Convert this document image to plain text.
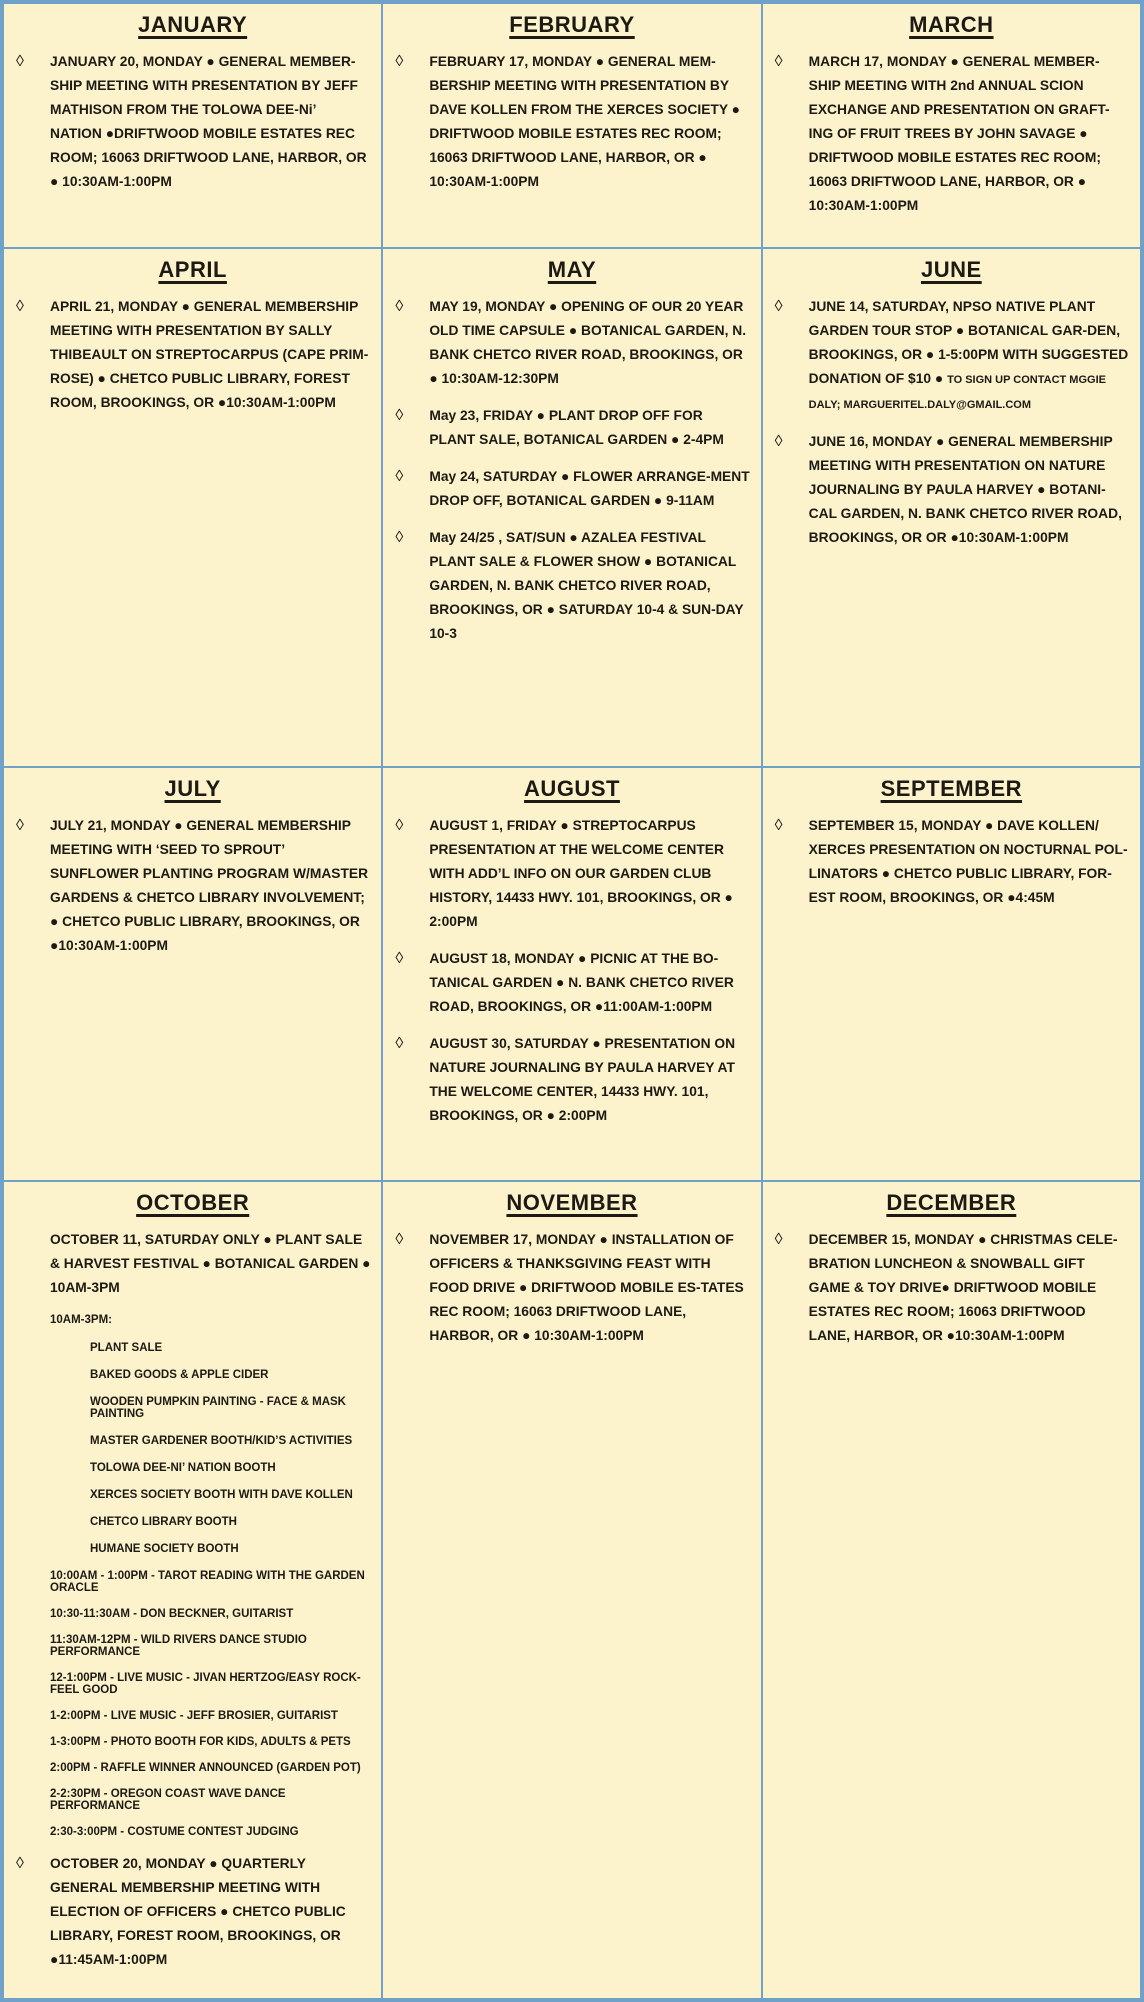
JANUARY
◊	JANUARY 20, MONDAY ● GENERAL MEMBER-SHIP MEETING WITH PRESENTATION BY JEFF MATHISON FROM THE TOLOWA DEE-Ni’ NATION ●DRIFTWOOD MOBILE ESTATES REC ROOM; 16063 DRIFTWOOD LANE, HARBOR, OR ● 10:30AM-1:00PM

FEBRUARY
◊	FEBRUARY 17, MONDAY ● GENERAL MEM-BERSHIP MEETING WITH PRESENTATION BY DAVE KOLLEN FROM THE XERCES SOCIETY ● DRIFTWOOD MOBILE ESTATES REC ROOM; 16063 DRIFTWOOD LANE, HARBOR, OR ● 10:30AM-1:00PM

MARCH
◊	MARCH 17, MONDAY ● GENERAL MEMBER-SHIP MEETING WITH 2nd ANNUAL SCION EXCHANGE AND PRESENTATION ON GRAFT-ING OF FRUIT TREES BY JOHN SAVAGE ● DRIFTWOOD MOBILE ESTATES REC ROOM; 16063 DRIFTWOOD LANE, HARBOR, OR ● 10:30AM-1:00PM

APRIL
◊	APRIL 21, MONDAY ● GENERAL MEMBERSHIP MEETING WITH PRESENTATION BY SALLY THIBEAULT ON STREPTOCARPUS (CAPE PRIM-ROSE) ● CHETCO PUBLIC LIBRARY, FOREST ROOM, BROOKINGS, OR ●10:30AM-1:00PM

MAY
◊	MAY 19, MONDAY ● OPENING OF OUR 20 YEAR OLD TIME CAPSULE ● BOTANICAL GARDEN, N. BANK CHETCO RIVER ROAD, BROOKINGS, OR ● 10:30AM-12:30PM

◊	May 23, FRIDAY ● PLANT DROP OFF FOR PLANT SALE, BOTANICAL GARDEN ● 2-4PM

◊	May 24, SATURDAY ● FLOWER ARRANGE-MENT DROP OFF, BOTANICAL GARDEN ● 9-11AM

◊	May 24/25 , SAT/SUN ● AZALEA FESTIVAL PLANT SALE & FLOWER SHOW ● BOTANICAL GARDEN, N. BANK CHETCO RIVER ROAD, BROOKINGS, OR ● SATURDAY 10-4 & SUN-DAY 10-3

JUNE
◊	JUNE 14, SATURDAY, NPSO NATIVE PLANT GARDEN TOUR STOP ● BOTANICAL GAR-DEN, BROOKINGS, OR ● 1-5:00PM WITH SUGGESTED DONATION OF $10 ● TO SIGN UP CONTACT MGGIE DALY; MARGUERITEL.DALY@GMAIL.COM

◊	JUNE 16, MONDAY ● GENERAL MEMBERSHIP MEETING WITH PRESENTATION ON NATURE JOURNALING BY PAULA HARVEY ● BOTANI-CAL GARDEN, N. BANK CHETCO RIVER ROAD, BROOKINGS, OR OR ●10:30AM-1:00PM

JULY
◊	JULY 21, MONDAY ● GENERAL MEMBERSHIP MEETING WITH ‘SEED TO SPROUT’ SUNFLOWER PLANTING PROGRAM W/MASTER GARDENS & CHETCO LIBRARY INVOLVEMENT; ● CHETCO PUBLIC LIBRARY, BROOKINGS, OR ●10:30AM-1:00PM

AUGUST
◊	AUGUST 1, FRIDAY ● STREPTOCARPUS PRESENTATION AT THE WELCOME CENTER WITH ADD’L INFO ON OUR GARDEN CLUB HISTORY, 14433 HWY. 101, BROOKINGS, OR ● 2:00PM

◊	AUGUST 18, MONDAY ● PICNIC AT THE BO-TANICAL GARDEN ● N. BANK CHETCO RIVER ROAD, BROOKINGS, OR ●11:00AM-1:00PM

◊	AUGUST 30, SATURDAY ● PRESENTATION ON NATURE JOURNALING BY PAULA HARVEY AT THE WELCOME CENTER, 14433 HWY. 101, BROOKINGS, OR ● 2:00PM

SEPTEMBER
◊	SEPTEMBER 15, MONDAY ● DAVE KOLLEN/ XERCES PRESENTATION ON NOCTURNAL POL-LINATORS ● CHETCO PUBLIC LIBRARY, FOR-EST ROOM, BROOKINGS, OR ●4:45M

OCTOBER

OCTOBER 11, SATURDAY ONLY ● PLANT SALE & HARVEST FESTIVAL ● BOTANICAL GARDEN ● 10AM-3PM

10AM-3PM:

PLANT SALE

BAKED GOODS & APPLE CIDER

WOODEN PUMPKIN PAINTING - FACE & MASK PAINTING

MASTER GARDENER BOOTH/KID’S ACTIVITIES

TOLOWA DEE-NI’ NATION BOOTH

XERCES SOCIETY BOOTH WITH DAVE KOLLEN

CHETCO LIBRARY BOOTH

HUMANE SOCIETY BOOTH

10:00AM - 1:00PM - TAROT READING WITH THE GARDEN ORACLE

10:30-11:30AM - DON BECKNER, GUITARIST

11:30AM-12PM - WILD RIVERS DANCE STUDIO PERFORMANCE

12-1:00PM - LIVE MUSIC - JIVAN HERTZOG/EASY ROCK-FEEL GOOD

1-2:00PM - LIVE MUSIC - JEFF BROSIER, GUITARIST

1-3:00PM - PHOTO BOOTH FOR KIDS, ADULTS & PETS

2:00PM - RAFFLE WINNER ANNOUNCED (GARDEN POT)

2-2:30PM - OREGON COAST WAVE DANCE PERFORMANCE

2:30-3:00PM - COSTUME CONTEST JUDGING

◊	OCTOBER 20, MONDAY ● QUARTERLY GENERAL MEMBERSHIP MEETING WITH ELECTION OF OFFICERS ● CHETCO PUBLIC LIBRARY, FOREST ROOM, BROOKINGS, OR ●11:45AM-1:00PM

NOVEMBER
◊	NOVEMBER 17, MONDAY ● INSTALLATION OF OFFICERS & THANKSGIVING FEAST WITH FOOD DRIVE ● DRIFTWOOD MOBILE ES-TATES REC ROOM; 16063 DRIFTWOOD LANE, HARBOR, OR ● 10:30AM-1:00PM

DECEMBER
◊	DECEMBER 15, MONDAY ● CHRISTMAS CELE-BRATION LUNCHEON & SNOWBALL GIFT GAME & TOY DRIVE● DRIFTWOOD MOBILE ESTATES REC ROOM; 16063 DRIFTWOOD LANE, HARBOR, OR ●10:30AM-1:00PM
